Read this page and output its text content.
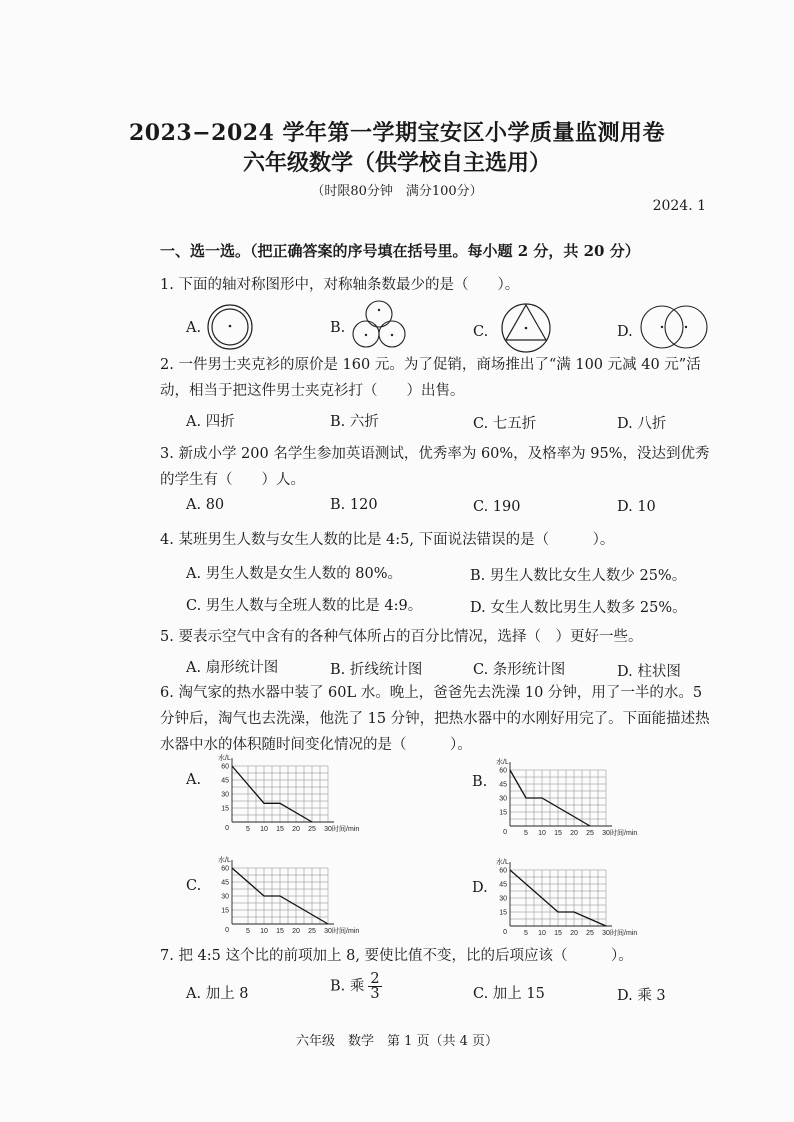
2023−2024 学年第一学期宝安区小学质量监测用卷
六年级数学（供学校自主选用）
（时限80分钟　满分100分）
2024. 1
一、选一选。（把正确答案的序号填在括号里。每小题 2 分，共 20 分）
1. 下面的轴对称图形中，对称轴条数最少的是（　　）。
A.	B.	C.	D.
2. 一件男士夹克衫的原价是 160 元。为了促销，商场推出了“满 100 元减 40 元”活动，相当于把这件男士夹克衫打（　　）出售。
A. 四折	B. 六折	C. 七五折	D. 八折
3. 新成小学 200 名学生参加英语测试，优秀率为 60%，及格率为 95%，没达到优秀的学生有（　　）人。
A. 80	B. 120	C. 190	D. 10
4. 某班男生人数与女生人数的比是 4:5, 下面说法错误的是（　　　）。
A. 男生人数是女生人数的 80%。	B. 男生人数比女生人数少 25%。
C. 男生人数与全班人数的比是 4:9。	D. 女生人数比男生人数多 25%。
5. 要表示空气中含有的各种气体所占的百分比情况，选择（　）更好一些。
A. 扇形统计图	B. 折线统计图	C. 条形统计图	D. 柱状图
6. 淘气家的热水器中装了 60L 水。晚上，爸爸先去洗澡 10 分钟，用了一半的水。5 分钟后，淘气也去洗澡，他洗了 15 分钟，把热水器中的水刚好用完了。下面能描述热水器中水的体积随时间变化情况的是（　　　）。
A.	B.
C.	D.
5 10 15 20 25 30
15
30
45
60
0
水/L
时间/min
5 10 15 20 25 30
15
30
45
60
0
水/L
时间/min
5 10 15 20 25 30
15
30
45
60
0
水/L
时间/min	5 10 15 20 25 30
15
30
45
60
0
水/L
时间/min
7. 把 4:5 这个比的前项加上 8, 要使比值不变，比的后项应该（　　　）。
A. 加上 8	B. 乘 $\frac{2}{3}$	C. 加上 15	D. 乘 3
六年级　数学　第 1 页（共 4 页）
